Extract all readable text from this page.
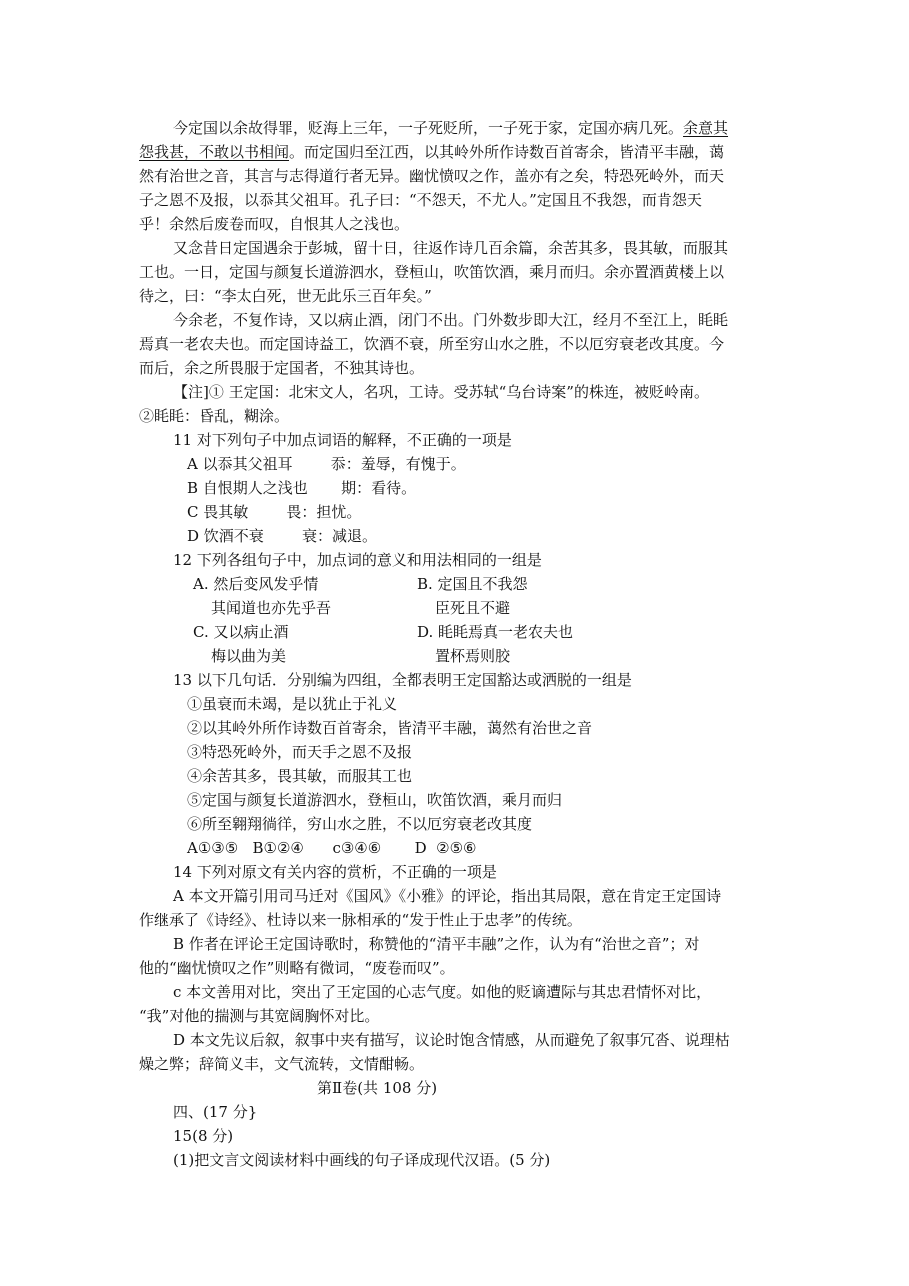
今定国以余故得罪，贬海上三年，一子死贬所，一子死于家，定国亦病几死。余意其
怨我甚，不敢以书相闻。而定国归至江西，以其岭外所作诗数百首寄余，皆清平丰融，蔼
然有治世之音，其言与志得道行者无异。幽忧愤叹之作，盖亦有之矣，特恐死岭外，而天
子之恩不及报，以忝其父祖耳。孔子曰：“不怨天，不尤人。”定国且不我怨，而肯怨天
乎！余然后废卷而叹，自恨其人之浅也。
又念昔日定国遇余于彭城，留十日，往返作诗几百余篇，余苦其多，畏其敏，而服其
工也。一日，定国与颜复长道游泗水，登桓山，吹笛饮酒，乘月而归。余亦置酒黄楼上以
待之，曰：“李太白死，世无此乐三百年矣。”
今余老，不复作诗，又以病止酒，闭门不出。门外数步即大江，经月不至江上，眊眊
焉真一老农夫也。而定国诗益工，饮酒不衰，所至穷山水之胜，不以厄穷衰老改其度。今
而后，余之所畏服于定国者，不独其诗也。
【注]① 王定国：北宋文人，名巩，工诗。受苏轼“乌台诗案”的株连，被贬岭南。
②眊眊：昏乱，糊涂。
11 对下列句子中加点词语的解释，不正确的一项是
A 以忝其父祖耳        忝：羞辱，有愧于。
B 自恨期人之浅也       期：看待。
C 畏其敏        畏：担忧。
D 饮酒不衰        衰：减退。
12 下列各组句子中，加点词的意义和用法相同的一组是
A. 然后变风发乎情	B. 定国且不我怨
其闻道也亦先乎吾	臣死且不避
C. 又以病止酒	D. 眊眊焉真一老农夫也
梅以曲为美	置杯焉则胶
13 以下几句话．分别编为四组，全都表明王定国豁达或洒脱的一组是
①虽衰而未竭，是以犹止于礼义
②以其岭外所作诗数百首寄余，皆清平丰融，蔼然有治世之音
③特恐死岭外，而天手之恩不及报
④余苦其多，畏其敏，而服其工也
⑤定国与颜复长道游泗水，登桓山，吹笛饮酒，乘月而归
⑥所至翱翔徜徉，穷山水之胜，不以厄穷衰老改其度
A①③⑤   B①②④      c③④⑥       D  ②⑤⑥
14 下列对原文有关内容的赏析，不正确的一项是
A 本文开篇引用司马迁对《国风》《小雅》的评论，指出其局限，意在肯定王定国诗
作继承了《诗经》、杜诗以来一脉相承的“发于性止于忠孝”的传统。
B 作者在评论王定国诗歌时，称赞他的“清平丰融”之作，认为有“治世之音”；对
他的“幽忧愤叹之作”则略有微词，“废卷而叹”。
c 本文善用对比，突出了王定国的心志气度。如他的贬谪遭际与其忠君情怀对比，
“我”对他的揣测与其宽阔胸怀对比。
D 本文先议后叙，叙事中夹有描写，议论时饱含情感，从而避免了叙事冗沓、说理枯
燥之弊；辞简义丰，文气流转，文情酣畅。
第Ⅱ卷(共 108 分)
四、(17 分}
15(8 分)
(1)把文言文阅读材料中画线的句子译成现代汉语。(5 分)
